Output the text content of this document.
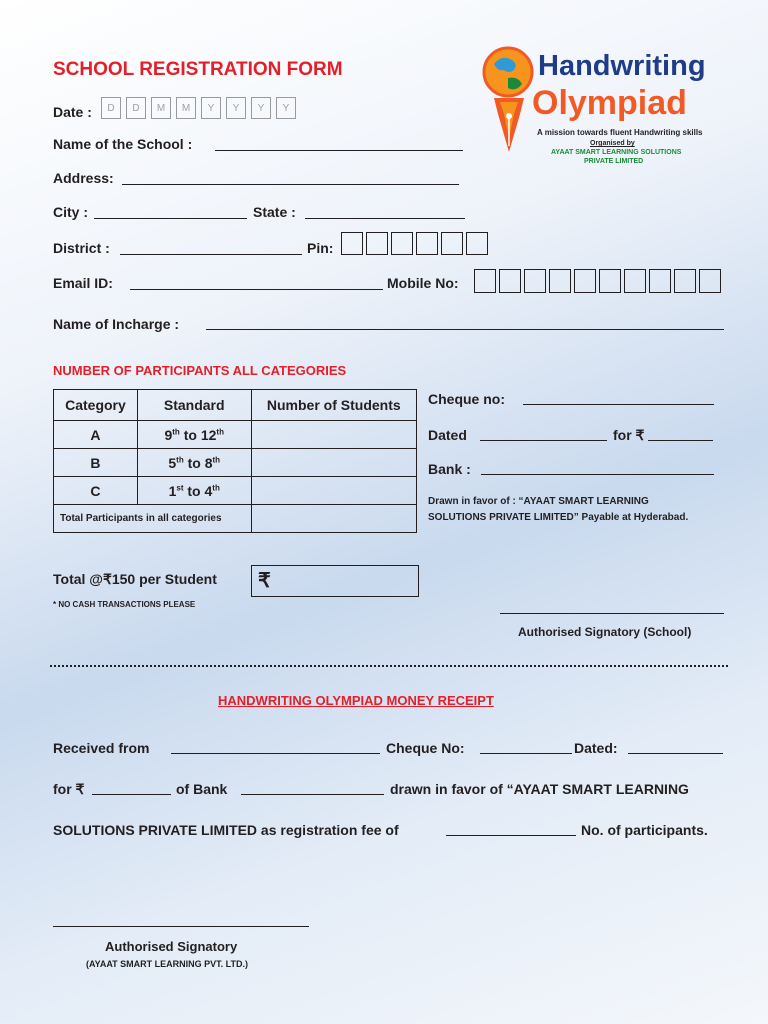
SCHOOL REGISTRATION FORM
Date :	D	D	M	M	Y	Y	Y	Y
Name of the School :
Address:
City :	State :
District :	Pin:
Email ID:	Mobile No:
Name of Incharge :
Handwriting
Olympiad
A mission towards fluent Handwriting skills
Organised by
AYAAT SMART LEARNING SOLUTIONS
PRIVATE LIMITED
NUMBER OF PARTICIPANTS ALL CATEGORIES
Category	Standard	Number of Students
A	9th to 12th	
B	5th to 8th	
C	1st to 4th	
Total Participants in all categories		
Total @₹150 per Student ₹
* NO CASH TRANSACTIONS PLEASE
Cheque no:
Dated	for ₹
Bank :
Drawn in favor of : “AYAAT SMART LEARNING
SOLUTIONS PRIVATE LIMITED” Payable at Hyderabad.
Authorised Signatory (School)
HANDWRITING OLYMPIAD MONEY RECEIPT
Received from	Cheque No:	Dated:
for ₹	of Bank	drawn in favor of “AYAAT SMART LEARNING
SOLUTIONS PRIVATE LIMITED as registration fee of	No. of participants.
Authorised Signatory
(AYAAT SMART LEARNING PVT. LTD.)
